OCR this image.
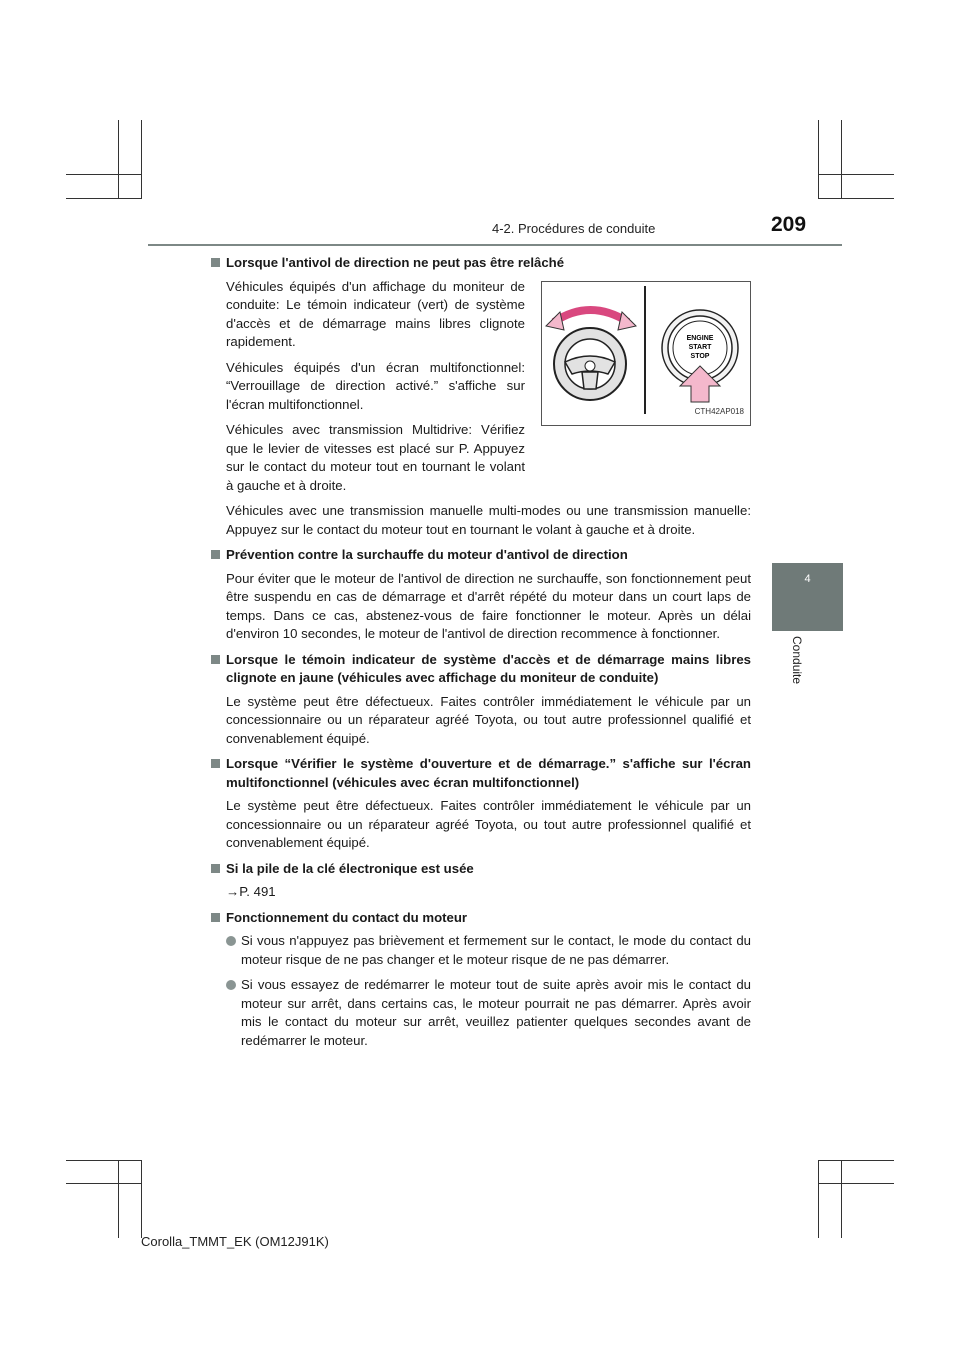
4-2. Procédures de conduite	209
4
Conduite
Lorsque l'antivol de direction ne peut pas être relâché

Véhicules équipés d'un affichage du moniteur de conduite: Le témoin indicateur (vert) de système d'accès et de démarrage mains libres clignote rapidement.

Véhicules équipés d'un écran multifonctionnel: “Verrouillage de direction activé.” s'affiche sur l'écran multifonctionnel.

Véhicules avec transmission Multidrive: Vérifiez que le levier de vitesses est placé sur P. Appuyez sur le contact du moteur tout en tournant le volant à gauche et à droite.

ENGINE
START
STOP
CTH42AP018

Véhicules avec une transmission manuelle multi-modes ou une transmission manuelle: Appuyez sur le contact du moteur tout en tournant le volant à gauche et à droite.

Prévention contre la surchauffe du moteur d'antivol de direction

Pour éviter que le moteur de l'antivol de direction ne surchauffe, son fonctionnement peut être suspendu en cas de démarrage et d'arrêt répété du moteur dans un court laps de temps. Dans ce cas, abstenez-vous de faire fonctionner le moteur. Après un délai d'environ 10 secondes, le moteur de l'antivol de direction recommence à fonctionner.

Lorsque le témoin indicateur de système d'accès et de démarrage mains libres clignote en jaune (véhicules avec affichage du moniteur de conduite)

Le système peut être défectueux. Faites contrôler immédiatement le véhicule par un concessionnaire ou un réparateur agréé Toyota, ou tout autre professionnel qualifié et convenablement équipé.

Lorsque “Vérifier le système d'ouverture et de démarrage.” s'affiche sur l'écran multifonctionnel (véhicules avec écran multifonctionnel)

Le système peut être défectueux. Faites contrôler immédiatement le véhicule par un concessionnaire ou un réparateur agréé Toyota, ou tout autre professionnel qualifié et convenablement équipé.

Si la pile de la clé électronique est usée

→P. 491

Fonctionnement du contact du moteur
Si vous n'appuyez pas brièvement et fermement sur le contact, le mode du contact du moteur risque de ne pas changer et le moteur risque de ne pas démarrer.
Si vous essayez de redémarrer le moteur tout de suite après avoir mis le contact du moteur sur arrêt, dans certains cas, le moteur pourrait ne pas démarrer. Après avoir mis le contact du moteur sur arrêt, veuillez patienter quelques secondes avant de redémarrer le moteur.
Corolla_TMMT_EK (OM12J91K)
